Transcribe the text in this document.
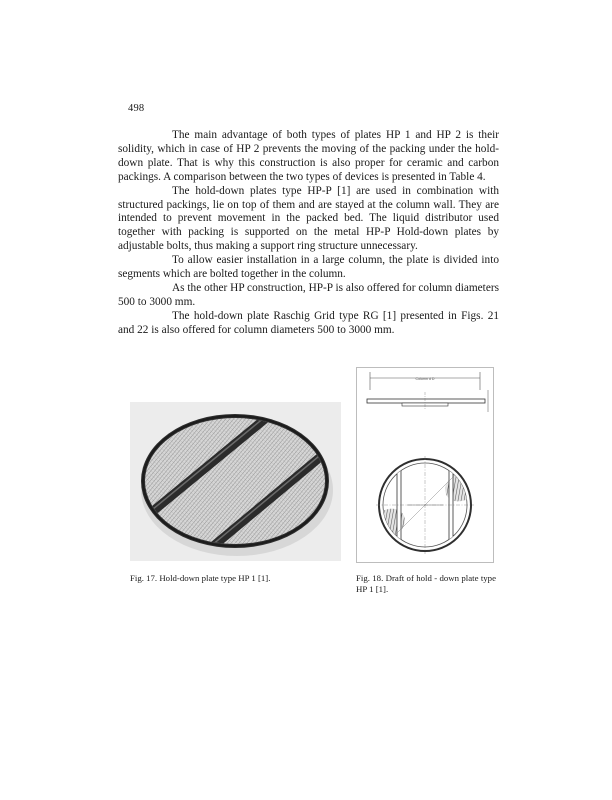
498

The main advantage of both types of plates HP 1 and HP 2 is their solidity, which in case of HP 2 prevents the moving of the packing under the hold-down plate. That is why this construction is also proper for ceramic and carbon packings. A comparison between the two types of devices is presented in Table 4.

The hold-down plates type HP-P [1] are used in combination with structured packings, lie on top of them and are stayed at the column wall. They are intended to prevent movement in the packed bed. The liquid distributor used together with packing is supported on the metal HP-P Hold-down plates by adjustable bolts, thus making a support ring structure unnecessary.

To allow easier installation in a large column, the plate is divided into segments which are bolted together in the column.

As the other HP construction, HP-P is also offered for column diameters 500 to 3000 mm.

The hold-down plate Raschig Grid type RG [1] presented in Figs. 21 and 22 is also offered for column diameters 500 to 3000 mm.

Column d D
Fig. 17. Hold-down plate type HP 1 [1].	Fig. 18. Draft of hold - down plate type HP 1 [1].
